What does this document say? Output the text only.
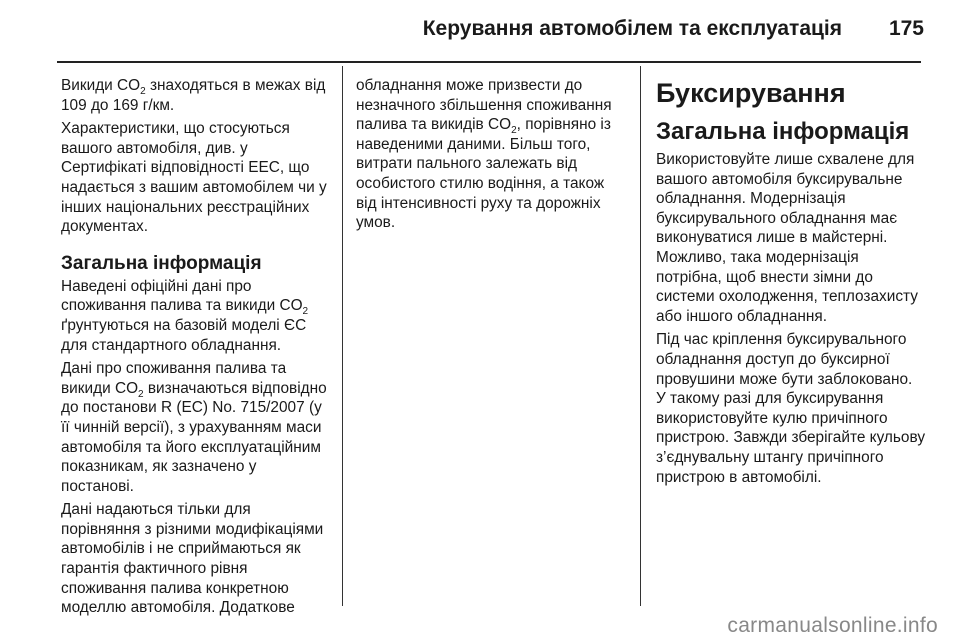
Керування автомобілем та експлуатація 175

Викиди $CO_2$ знаходяться в межах від 109 до 169 г/км.

Характеристики, що стосуються вашого автомобіля, див. у Сертифікаті відповідності ЕЕС, що надається з вашим автомобілем чи у інших національних реєстраційних документах.

Загальна інформація

Наведені офіційні дані про споживання палива та викиди $CO_2$ ґрунтуються на базовій моделі ЄС для стандартного обладнання.

Дані про споживання палива та викиди $CO_2$ визначаються відповідно до постанови R (EC) No. 715/2007 (у її чинній версії), з урахуванням маси автомобіля та його експлуатаційним показникам, як зазначено у постанові.

Дані надаються тільки для порівняння з різними модифікаціями автомобілів і не сприймаються як гарантія фактичного рівня споживання палива конкретною моделлю автомобіля. Додаткове

обладнання може призвести до незначного збільшення споживання палива та викидів $CO_2$, порівняно із наведеними даними. Більш того, витрати пального залежать від особистого стилю водіння, а також від інтенсивності руху та дорожніх умов.

Буксирування
Загальна інформація

Використовуйте лише схвалене для вашого автомобіля буксирувальне обладнання. Модернізація буксирувального обладнання має виконуватися лише в майстерні. Можливо, така модернізація потрібна, щоб внести зімни до системи охолодження, теплозахисту або іншого обладнання.

Під час кріплення буксирувального обладнання доступ до буксирної провушини може бути заблоковано. У такому разі для буксирування використовуйте кулю причіпного пристрою. Завжди зберігайте кульову з’єднувальну штангу причіпного пристрою в автомобілі.

carmanualsonline.info
